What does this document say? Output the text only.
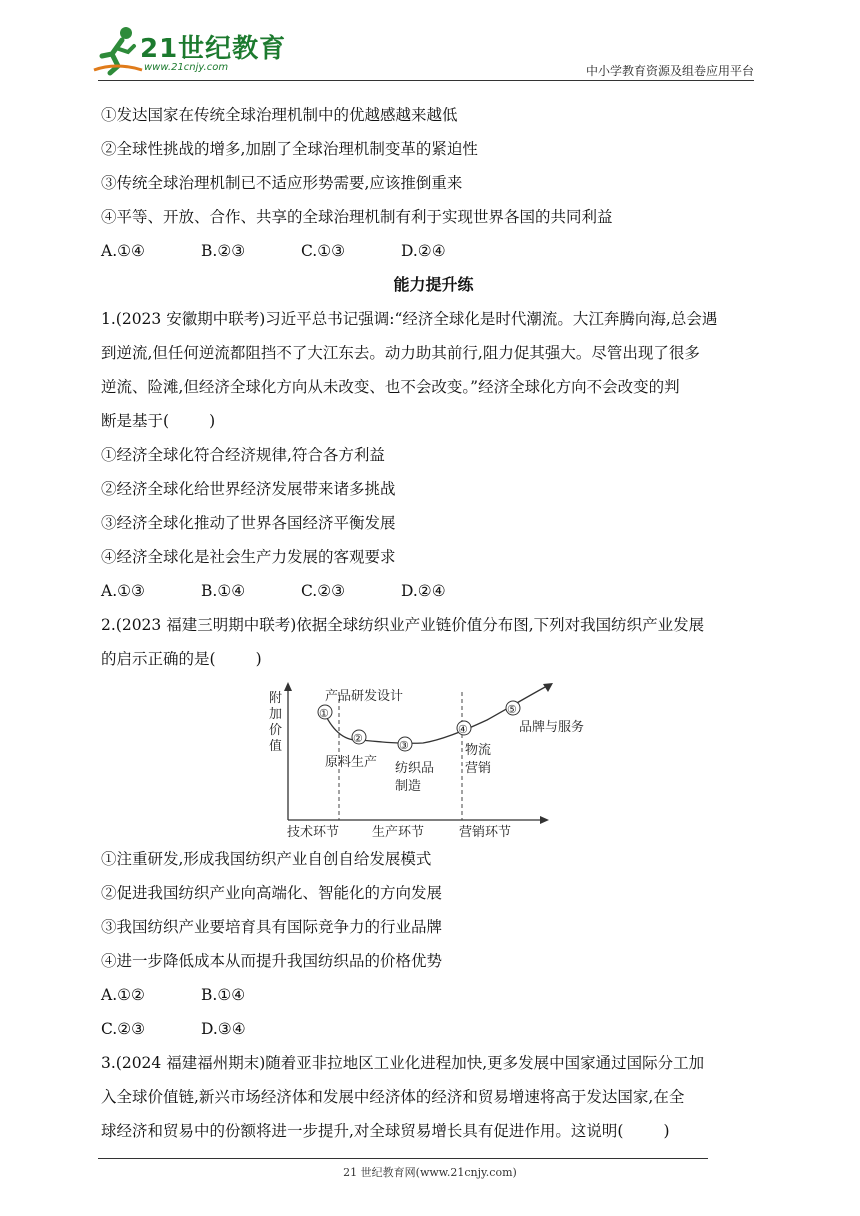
21世纪教育
www.21cnjy.com	中小学教育资源及组卷应用平台
①发达国家在传统全球治理机制中的优越感越来越低
②全球性挑战的增多,加剧了全球治理机制变革的紧迫性
③传统全球治理机制已不适应形势需要,应该推倒重来
④平等、开放、合作、共享的全球治理机制有利于实现世界各国的共同利益
A.①④	B.②③	C.①③	D.②④
能力提升练
1.(2023 安徽期中联考)习近平总书记强调:“经济全球化是时代潮流。大江奔腾向海,总会遇
到逆流,但任何逆流都阻挡不了大江东去。动力助其前行,阻力促其强大。尽管出现了很多
逆流、险滩,但经济全球化方向从未改变、也不会改变。”经济全球化方向不会改变的判
断是基于(	)
①经济全球化符合经济规律,符合各方利益
②经济全球化给世界经济发展带来诸多挑战
③经济全球化推动了世界各国经济平衡发展
④经济全球化是社会生产力发展的客观要求
A.①③	B.①④	C.②③	D.②④
2.(2023 福建三明期中联考)依据全球纺织业产业链价值分布图,下列对我国纺织产业发展
的启示正确的是(	)
附
加
价
值
①
②
③
④
⑤
产品研发设计
原料生产 纺织品
制造
物流
营销
品牌与服务
技术环节	生产环节	营销环节
①注重研发,形成我国纺织产业自创自给发展模式
②促进我国纺织产业向高端化、智能化的方向发展
③我国纺织产业要培育具有国际竞争力的行业品牌
④进一步降低成本从而提升我国纺织品的价格优势
A.①②	B.①④
C.②③	D.③④
3.(2024 福建福州期末)随着亚非拉地区工业化进程加快,更多发展中国家通过国际分工加
入全球价值链,新兴市场经济体和发展中经济体的经济和贸易增速将高于发达国家,在全
球经济和贸易中的份额将进一步提升,对全球贸易增长具有促进作用。这说明(	)
21 世纪教育网(www.21cnjy.com)
